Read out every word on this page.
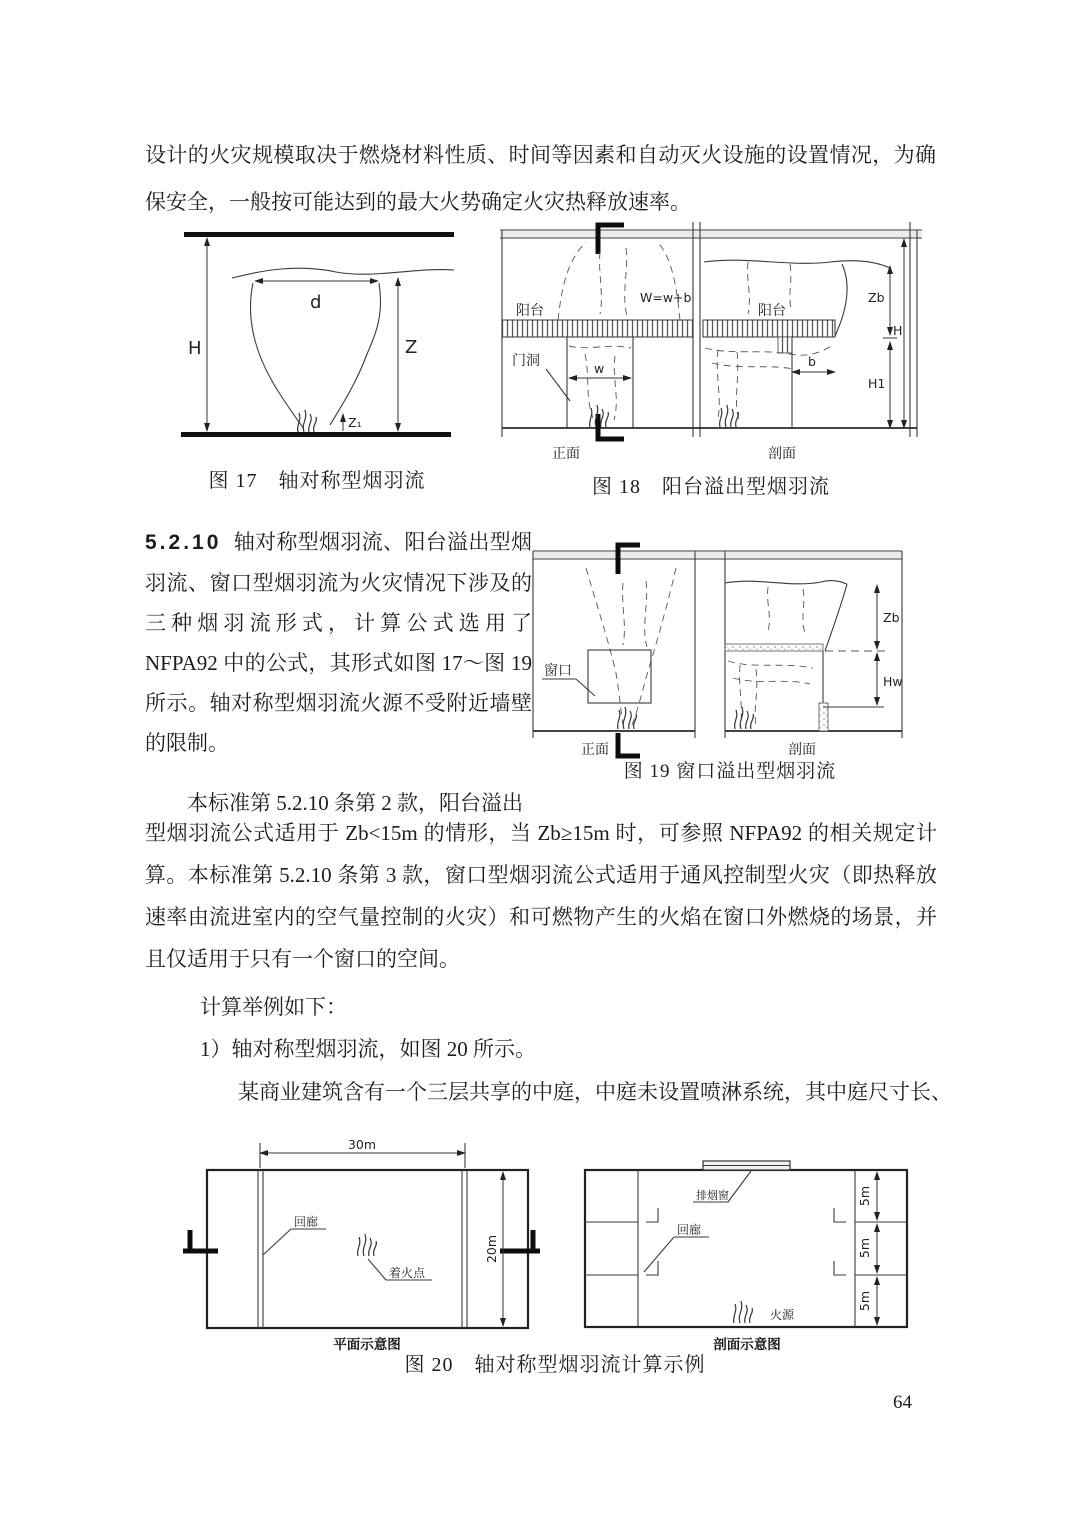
设计的火灾规模取决于燃烧材料性质、时间等因素和自动灭火设施的设置情况，为确保安全，一般按可能达到的最大火势确定火灾热释放速率。
H
d
Z
Z₁
图 17　轴对称型烟羽流
阳台
W=w+b
门洞	w
阳台
b
Zb
H
H1
正面	剖面
图 18　阳台溢出型烟羽流
5.2.10 轴对称型烟羽流、阳台溢出型烟羽流、窗口型烟羽流为火灾情况下涉及的三种烟羽流形式，计算公式选用了 NFPA92 中的公式，其形式如图 17～图 19 所示。轴对称型烟羽流火源不受附近墙壁的限制。
窗口
正面
Zb
Hw
剖面
图 19 窗口溢出型烟羽流
本标准第 5.2.10 条第 2 款，阳台溢出
型烟羽流公式适用于 Zb<15m 的情形，当 Zb≥15m 时，可参照 NFPA92 的相关规定计算。本标准第 5.2.10 条第 3 款，窗口型烟羽流公式适用于通风控制型火灾（即热释放速率由流进室内的空气量控制的火灾）和可燃物产生的火焰在窗口外燃烧的场景，并且仅适用于只有一个窗口的空间。
计算举例如下：
1）轴对称型烟羽流，如图 20 所示。
某商业建筑含有一个三层共享的中庭，中庭未设置喷淋系统，其中庭尺寸长、
30m
20m
回廊
着火点
平面示意图
排烟窗
回廊
火源
5m
5m
5m
剖面示意图
图 20　轴对称型烟羽流计算示例
64
